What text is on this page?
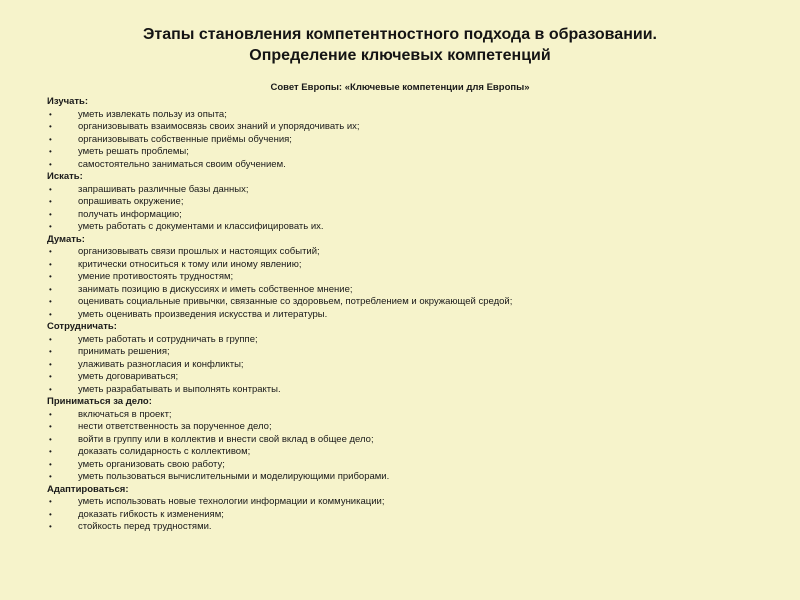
Этапы становления компетентностного подхода в образовании.
Определение ключевых компетенций
Совет Европы: «Ключевые компетенции для Европы»
Изучать:
•	уметь извлекать пользу из опыта;
•	организовывать взаимосвязь своих знаний и упорядочивать их;
•	организовывать собственные приёмы обучения;
•	уметь решать проблемы;
•	самостоятельно заниматься своим обучением.
Искать:
•	запрашивать различные базы данных;
•	опрашивать окружение;
•	получать информацию;
•	уметь работать с документами и классифицировать их.
Думать:
•	организовывать связи прошлых и настоящих событий;
•	критически относиться к тому или иному явлению;
•	умение противостоять трудностям;
•	занимать позицию в дискуссиях и иметь собственное мнение;
•	оценивать социальные привычки, связанные со здоровьем, потреблением и окружающей средой;
•	уметь оценивать произведения искусства и литературы.
Сотрудничать:
•	уметь работать и сотрудничать в группе;
•	принимать решения;
•	улаживать разногласия и конфликты;
•	уметь договариваться;
•	уметь разрабатывать и выполнять контракты.
Приниматься за дело:
•	включаться в проект;
•	нести ответственность за порученное дело;
•	войти в группу или в коллектив и внести свой вклад в общее дело;
•	доказать солидарность с коллективом;
•	уметь организовать свою работу;
•	уметь пользоваться вычислительными и моделирующими приборами.
Адаптироваться:
•	уметь использовать новые технологии информации и коммуникации;
•	доказать гибкость к изменениям;
•	стойкость перед трудностями.
